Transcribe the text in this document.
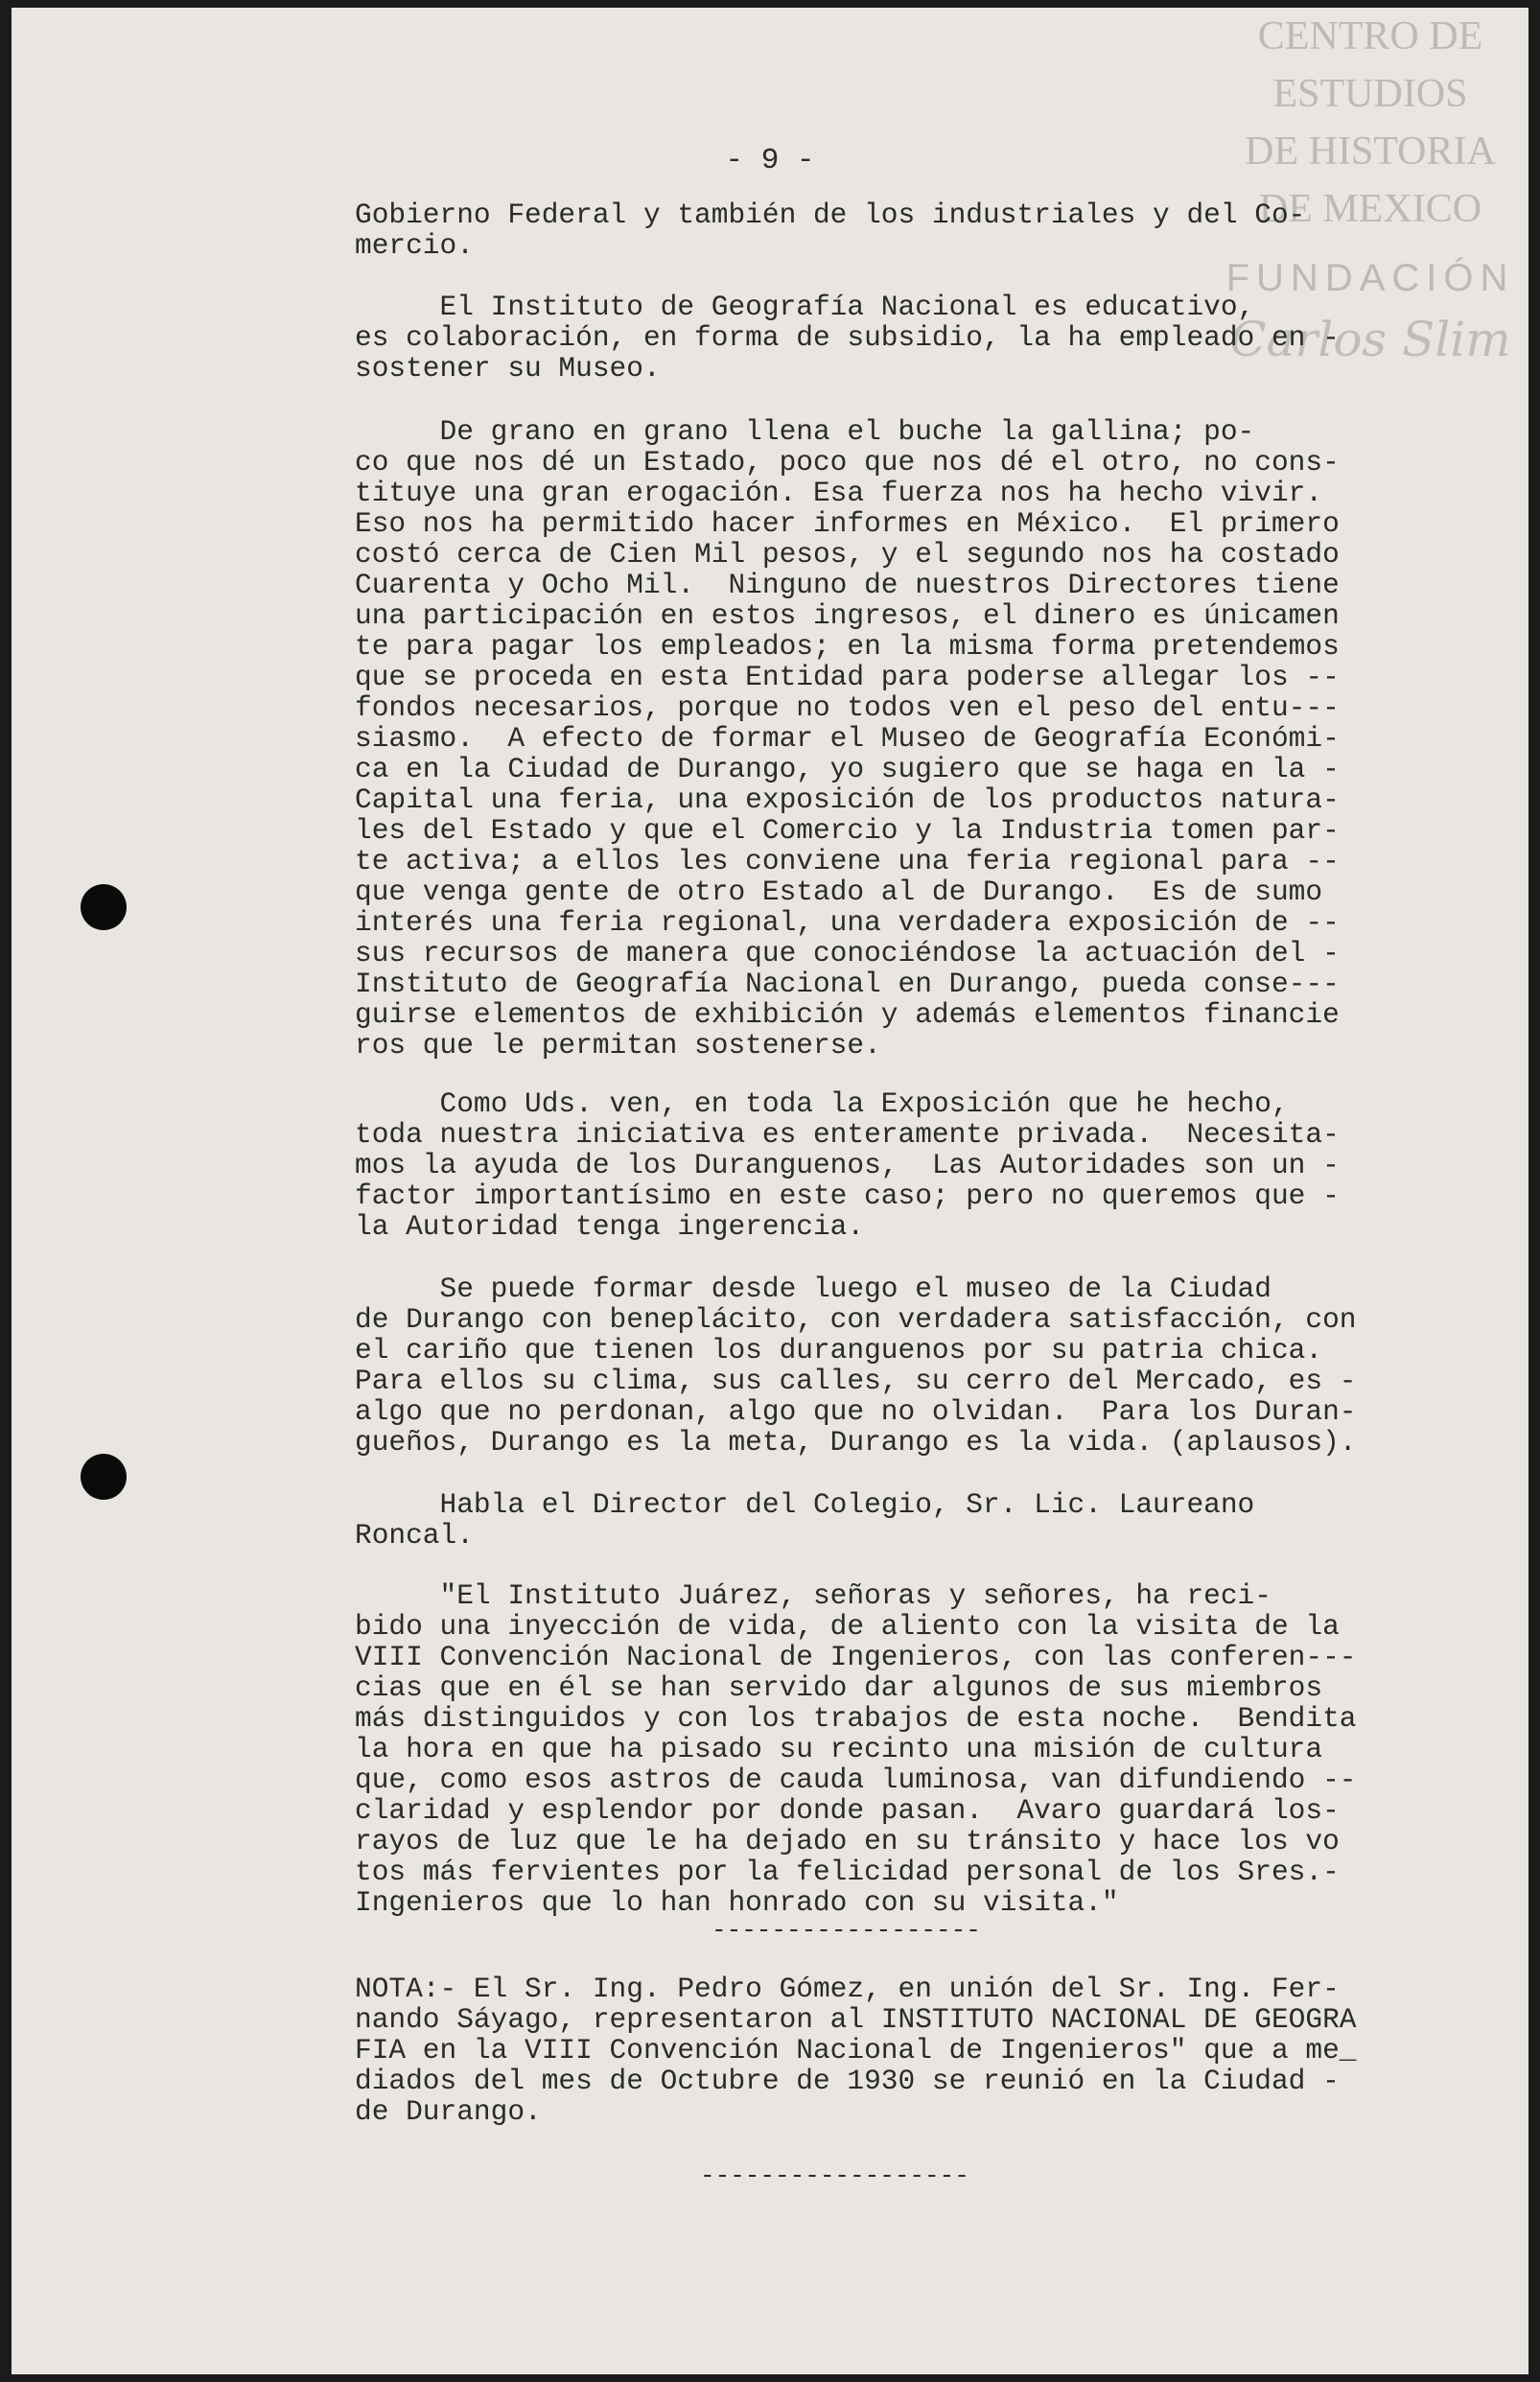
CENTRO DE
ESTUDIOS
DE HISTORIA
DE MEXICO
FUNDACIÓN
Carlos Slim
- 9 -
Gobierno Federal y también de los industriales y del Co-
mercio.
El Instituto de Geografía Nacional es educativo,
es colaboración, en forma de subsidio, la ha empleado en -
sostener su Museo.
De grano en grano llena el buche la gallina; po-
co que nos dé un Estado, poco que nos dé el otro, no cons-
tituye una gran erogación. Esa fuerza nos ha hecho vivir.
Eso nos ha permitido hacer informes en México.  El primero
costó cerca de Cien Mil pesos, y el segundo nos ha costado
Cuarenta y Ocho Mil.  Ninguno de nuestros Directores tiene
una participación en estos ingresos, el dinero es únicamen
te para pagar los empleados; en la misma forma pretendemos
que se proceda en esta Entidad para poderse allegar los --
fondos necesarios, porque no todos ven el peso del entu---
siasmo.  A efecto de formar el Museo de Geografía Económi-
ca en la Ciudad de Durango, yo sugiero que se haga en la -
Capital una feria, una exposición de los productos natura-
les del Estado y que el Comercio y la Industria tomen par-
te activa; a ellos les conviene una feria regional para --
que venga gente de otro Estado al de Durango.  Es de sumo
interés una feria regional, una verdadera exposición de --
sus recursos de manera que conociéndose la actuación del -
Instituto de Geografía Nacional en Durango, pueda conse---
guirse elementos de exhibición y además elementos financie
ros que le permitan sostenerse.
Como Uds. ven, en toda la Exposición que he hecho,
toda nuestra iniciativa es enteramente privada.  Necesita-
mos la ayuda de los Duranguenos,  Las Autoridades son un -
factor importantísimo en este caso; pero no queremos que -
la Autoridad tenga ingerencia.
Se puede formar desde luego el museo de la Ciudad
de Durango con beneplácito, con verdadera satisfacción, con
el cariño que tienen los duranguenos por su patria chica.
Para ellos su clima, sus calles, su cerro del Mercado, es -
algo que no perdonan, algo que no olvidan.  Para los Duran-
gueños, Durango es la meta, Durango es la vida. (aplausos).
Habla el Director del Colegio, Sr. Lic. Laureano
Roncal.
"El Instituto Juárez, señoras y señores, ha reci-
bido una inyección de vida, de aliento con la visita de la
VIII Convención Nacional de Ingenieros, con las conferen---
cias que en él se han servido dar algunos de sus miembros
más distinguidos y con los trabajos de esta noche.  Bendita
la hora en que ha pisado su recinto una misión de cultura
que, como esos astros de cauda luminosa, van difundiendo --
claridad y esplendor por donde pasan.  Avaro guardará los-
rayos de luz que le ha dejado en su tránsito y hace los vo
tos más fervientes por la felicidad personal de los Sres.-
Ingenieros que lo han honrado con su visita."
NOTA:- El Sr. Ing. Pedro Gómez, en unión del Sr. Ing. Fer-
nando Sáyago, representaron al INSTITUTO NACIONAL DE GEOGRA
FIA en la VIII Convención Nacional de Ingenieros" que a me_
diados del mes de Octubre de 1930 se reunió en la Ciudad -
de Durango.
------------------
------------------
